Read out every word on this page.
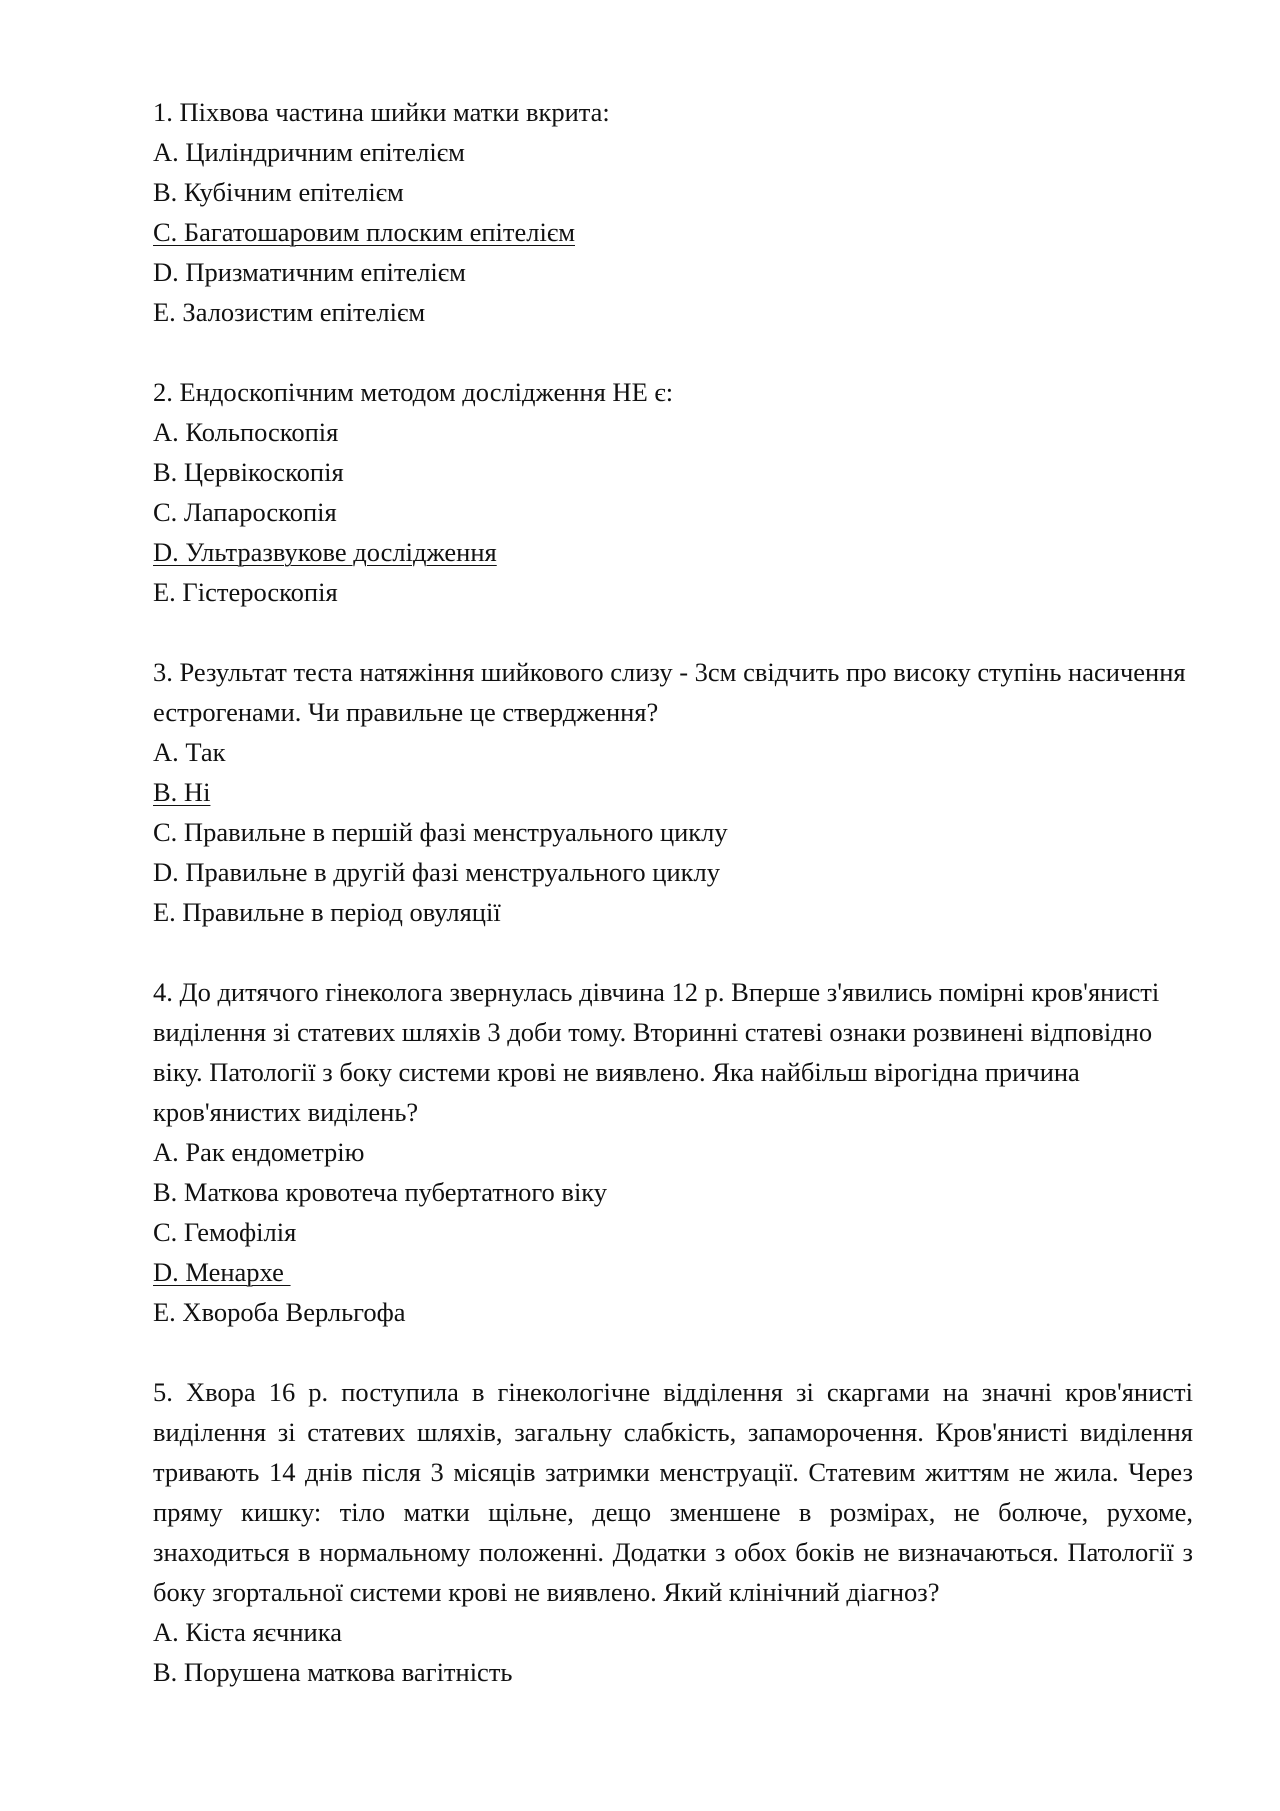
1. Піхвова частина шийки матки вкрита:

A. Циліндричним епітелієм

B. Кубічним епітелієм

C. Багатошаровим плоским епітелієм

D. Призматичним епітелієм

E. Залозистим епітелієм

2. Ендоскопічним методом дослідження НЕ є:

A. Кольпоскопія

B. Цервікоскопія

C. Лапароскопія

D. Ультразвукове дослідження

E. Гістероскопія

3. Результат теста натяжіння шийкового слизу - 3см свідчить про високу ступінь насичення естрогенами. Чи правильне це ствердження?

A. Так

B. Ні

C. Правильне в першій фазі менструального циклу

D. Правильне в другій фазі менструального циклу

E. Правильне в період овуляції

4. До дитячого гінеколога звернулась дівчина 12 р. Вперше з'явились помірні кров'янисті виділення зі статевих шляхів 3 доби тому. Вторинні статеві ознаки розвинені відповідно віку. Патології з боку системи крові не виявлено. Яка найбільш вірогідна причина кров'янистих виділень?

A. Рак ендометрію

B. Маткова кровотеча пубертатного віку

C. Гемофілія

D. Менархе

E. Хвороба Верльгофа

5. Хвора 16 р. поступила в гінекологічне відділення зі скаргами на значні кров'янисті виділення зі статевих шляхів, загальну слабкість, запаморочення. Кров'янисті виділення тривають 14 днів після 3 місяців затримки менструації. Статевим життям не жила. Через пряму кишку: тіло матки щільне, дещо зменшене в розмірах, не болюче, рухоме, знаходиться в нормальному положенні. Додатки з обох боків не визначаються. Патології з боку згортальної системи крові не виявлено. Який клінічний діагноз?

A. Кіста яєчника

B. Порушена маткова вагітність
